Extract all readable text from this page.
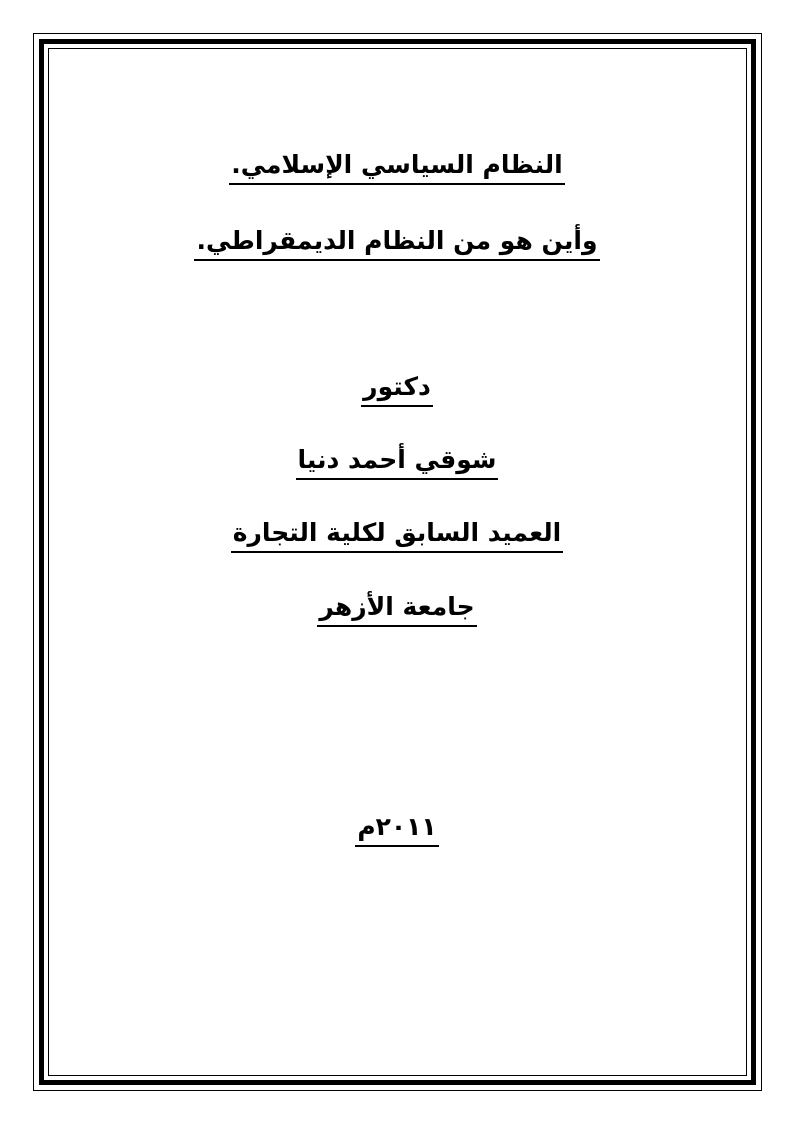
النظام السياسي الإسلامي.
وأين هو من النظام الديمقراطي.
دكتور
شوقي أحمد دنيا
العميد السابق لكلية التجارة
جامعة الأزهر
٢٠١١م
